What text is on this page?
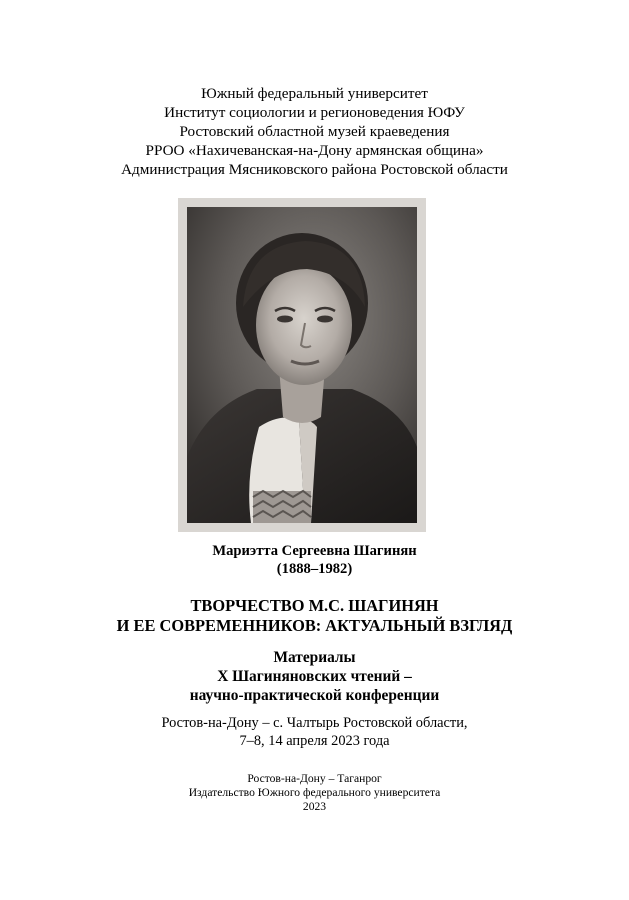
Южный федеральный университет
Институт социологии и регионоведения ЮФУ
Ростовский областной музей краеведения
РРОО «Нахичеванская-на-Дону армянская община»
Администрация Мясниковского района Ростовской области
Мариэтта Сергеевна Шагинян
(1888–1982)
ТВОРЧЕСТВО М.С. ШАГИНЯН
И ЕЕ СОВРЕМЕННИКОВ: АКТУАЛЬНЫЙ ВЗГЛЯД
Материалы
Х Шагиняновских чтений –
научно-практической конференции
Ростов-на-Дону – с. Чалтырь Ростовской области,
7–8, 14 апреля 2023 года
Ростов-на-Дону – Таганрог
Издательство Южного федерального университета
2023
